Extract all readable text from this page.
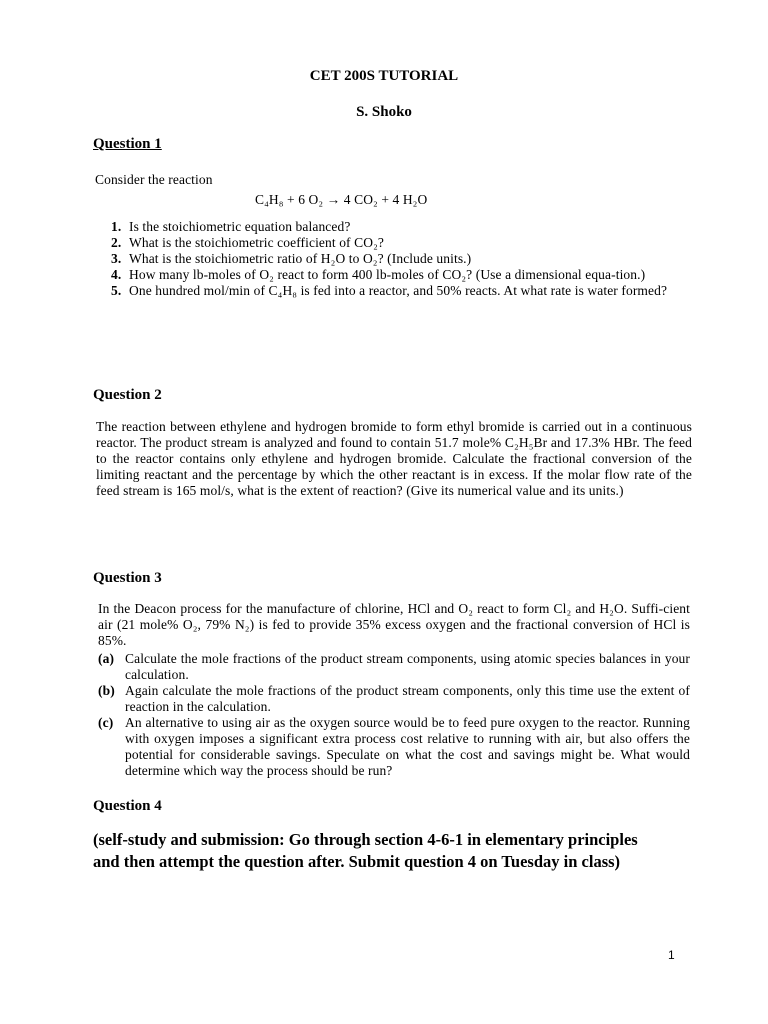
CET 200S TUTORIAL
S. Shoko
Question 1
Consider the reaction
C₄H₈ + 6 O₂ → 4 CO₂ + 4 H₂O
1. Is the stoichiometric equation balanced?
2. What is the stoichiometric coefficient of CO₂?
3. What is the stoichiometric ratio of H₂O to O₂? (Include units.)
4. How many lb-moles of O₂ react to form 400 lb-moles of CO₂? (Use a dimensional equa-tion.)
5. One hundred mol/min of C₄H₈ is fed into a reactor, and 50% reacts. At what rate is water formed?
Question 2
The reaction between ethylene and hydrogen bromide to form ethyl bromide is carried out in a continuous reactor. The product stream is analyzed and found to contain 51.7 mole% C₂H₅Br and 17.3% HBr. The feed to the reactor contains only ethylene and hydrogen bromide. Calculate the fractional conversion of the limiting reactant and the percentage by which the other reactant is in excess. If the molar flow rate of the feed stream is 165 mol/s, what is the extent of reaction? (Give its numerical value and its units.)
Question 3
In the Deacon process for the manufacture of chlorine, HCl and O₂ react to form Cl₂ and H₂O. Suffi-cient air (21 mole% O₂, 79% N₂) is fed to provide 35% excess oxygen and the fractional conversion of HCl is 85%.
(a) Calculate the mole fractions of the product stream components, using atomic species balances in your calculation.
(b) Again calculate the mole fractions of the product stream components, only this time use the extent of reaction in the calculation.
(c) An alternative to using air as the oxygen source would be to feed pure oxygen to the reactor. Running with oxygen imposes a significant extra process cost relative to running with air, but also offers the potential for considerable savings. Speculate on what the cost and savings might be. What would determine which way the process should be run?
Question 4
(self-study and submission: Go through section 4-6-1 in elementary principles and then attempt the question after. Submit question 4 on Tuesday in class)
1
